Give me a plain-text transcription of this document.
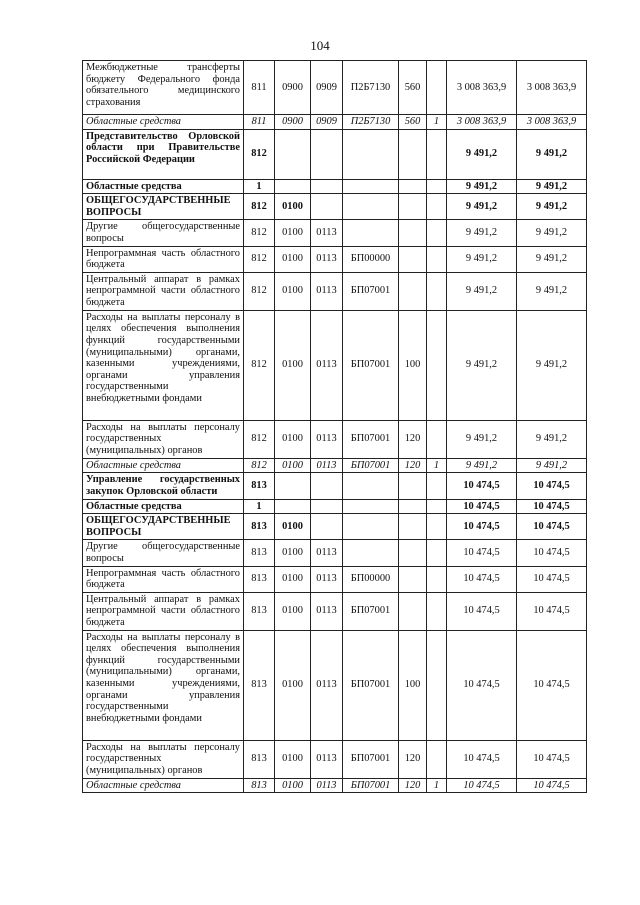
104
Межбюджетные трансферты бюджету Федерального фонда обязательного медицинского страхования	811	0900	0909	П2Б7130	560		3 008 363,9	3 008 363,9
Областные средства	811	0900	0909	П2Б7130	560	1	3 008 363,9	3 008 363,9
Представительство Орловской области при Правительстве Российской Федерации	812						9 491,2	9 491,2
Областные средства	1						9 491,2	9 491,2
ОБЩЕГОСУДАРСТВЕННЫЕ ВОПРОСЫ	812	0100					9 491,2	9 491,2
Другие общегосударственные вопросы	812	0100	0113				9 491,2	9 491,2
Непрограммная часть областного бюджета	812	0100	0113	БП00000			9 491,2	9 491,2
Центральный аппарат в рамках непрограммной части областного бюджета	812	0100	0113	БП07001			9 491,2	9 491,2
Расходы на выплаты персоналу в целях обеспечения выполнения функций государственными (муниципальными) органами, казенными учреждениями, органами управления государственными внебюджетными фондами	812	0100	0113	БП07001	100		9 491,2	9 491,2
Расходы на выплаты персоналу государственных (муниципальных) органов	812	0100	0113	БП07001	120		9 491,2	9 491,2
Областные средства	812	0100	0113	БП07001	120	1	9 491,2	9 491,2
Управление государственных закупок Орловской области	813						10 474,5	10 474,5
Областные средства	1						10 474,5	10 474,5
ОБЩЕГОСУДАРСТВЕННЫЕ ВОПРОСЫ	813	0100					10 474,5	10 474,5
Другие общегосударственные вопросы	813	0100	0113				10 474,5	10 474,5
Непрограммная часть областного бюджета	813	0100	0113	БП00000			10 474,5	10 474,5
Центральный аппарат в рамках непрограммной части областного бюджета	813	0100	0113	БП07001			10 474,5	10 474,5
Расходы на выплаты персоналу в целях обеспечения выполнения функций государственными (муниципальными) органами, казенными учреждениями, органами управления государственными внебюджетными фондами	813	0100	0113	БП07001	100		10 474,5	10 474,5
Расходы на выплаты персоналу государственных (муниципальных) органов	813	0100	0113	БП07001	120		10 474,5	10 474,5
Областные средства	813	0100	0113	БП07001	120	1	10 474,5	10 474,5
